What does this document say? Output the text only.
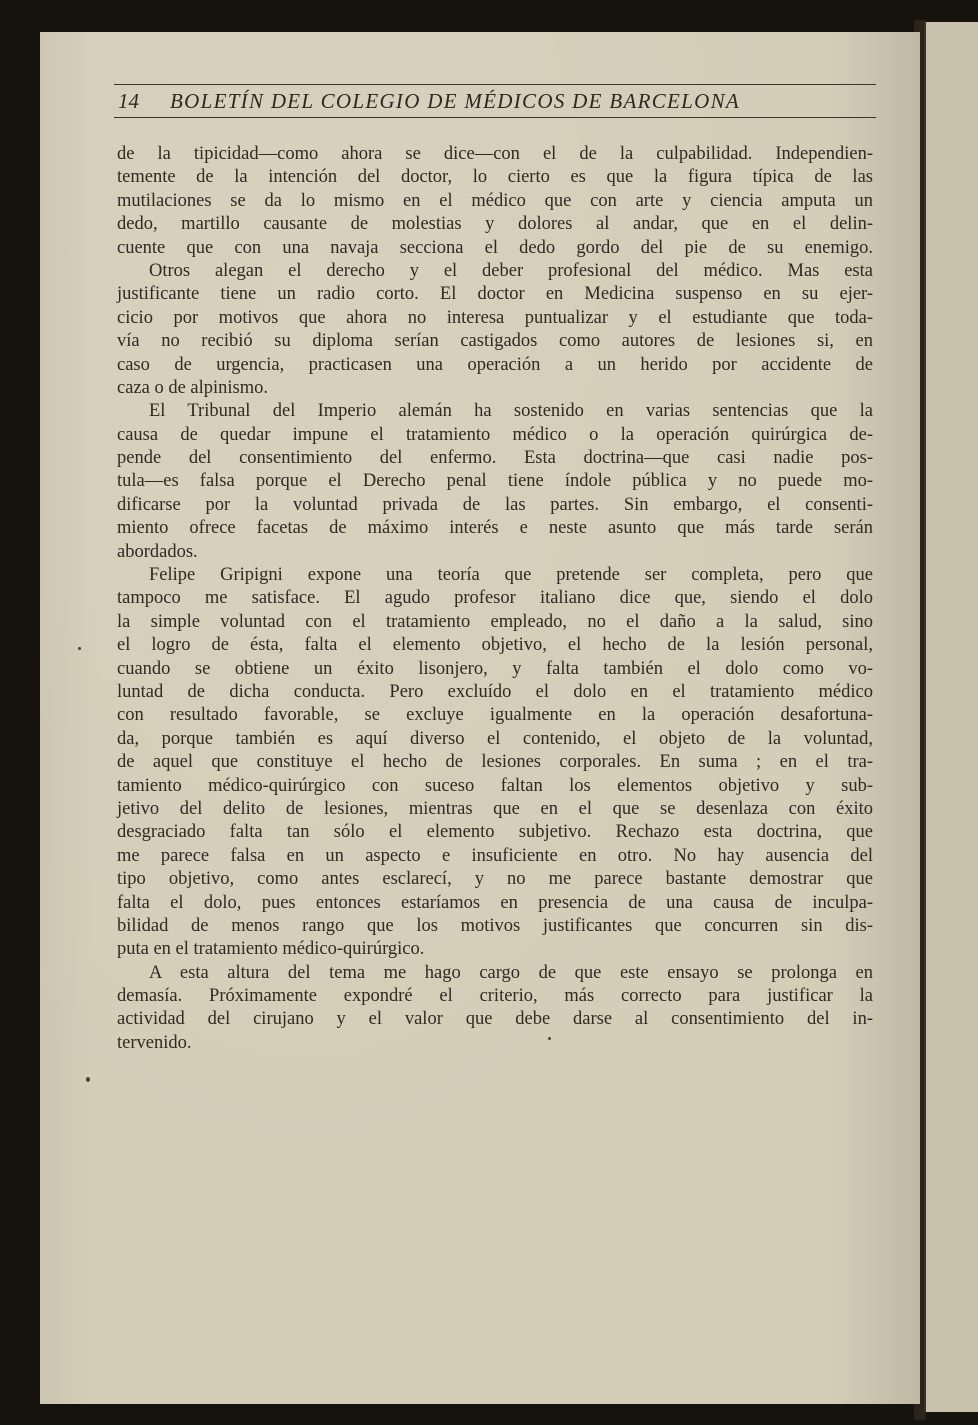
14	BOLETÍN DEL COLEGIO DE MÉDICOS DE BARCELONA
de la tipicidad—como ahora se dice—con el de la culpabilidad. Independien-
temente de la intención del doctor, lo cierto es que la figura típica de las
mutilaciones se da lo mismo en el médico que con arte y ciencia amputa un
dedo, martillo causante de molestias y dolores al andar, que en el delin-
cuente que con una navaja secciona el dedo gordo del pie de su enemigo.
Otros alegan el derecho y el deber profesional del médico. Mas esta
justificante tiene un radio corto. El doctor en Medicina suspenso en su ejer-
cicio por motivos que ahora no interesa puntualizar y el estudiante que toda-
vía no recibió su diploma serían castigados como autores de lesiones si, en
caso de urgencia, practicasen una operación a un herido por accidente de
caza o de alpinismo.
El Tribunal del Imperio alemán ha sostenido en varias sentencias que la
causa de quedar impune el tratamiento médico o la operación quirúrgica de-
pende del consentimiento del enfermo. Esta doctrina—que casi nadie pos-
tula—es falsa porque el Derecho penal tiene índole pública y no puede mo-
dificarse por la voluntad privada de las partes. Sin embargo, el consenti-
miento ofrece facetas de máximo interés e neste asunto que más tarde serán
abordados.
Felipe Gripigni expone una teoría que pretende ser completa, pero que
tampoco me satisface. El agudo profesor italiano dice que, siendo el dolo
la simple voluntad con el tratamiento empleado, no el daño a la salud, sino
el logro de ésta, falta el elemento objetivo, el hecho de la lesión personal,
cuando se obtiene un éxito lisonjero, y falta también el dolo como vo-
luntad de dicha conducta. Pero excluído el dolo en el tratamiento médico
con resultado favorable, se excluye igualmente en la operación desafortuna-
da, porque también es aquí diverso el contenido, el objeto de la voluntad,
de aquel que constituye el hecho de lesiones corporales. En suma ; en el tra-
tamiento médico-quirúrgico con suceso faltan los elementos objetivo y sub-
jetivo del delito de lesiones, mientras que en el que se desenlaza con éxito
desgraciado falta tan sólo el elemento subjetivo. Rechazo esta doctrina, que
me parece falsa en un aspecto e insuficiente en otro. No hay ausencia del
tipo objetivo, como antes esclarecí, y no me parece bastante demostrar que
falta el dolo, pues entonces estaríamos en presencia de una causa de inculpa-
bilidad de menos rango que los motivos justificantes que concurren sin dis-
puta en el tratamiento médico-quirúrgico.
A esta altura del tema me hago cargo de que este ensayo se prolonga en
demasía. Próximamente expondré el criterio, más correcto para justificar la
actividad del cirujano y el valor que debe darse al consentimiento del in-
tervenido.
